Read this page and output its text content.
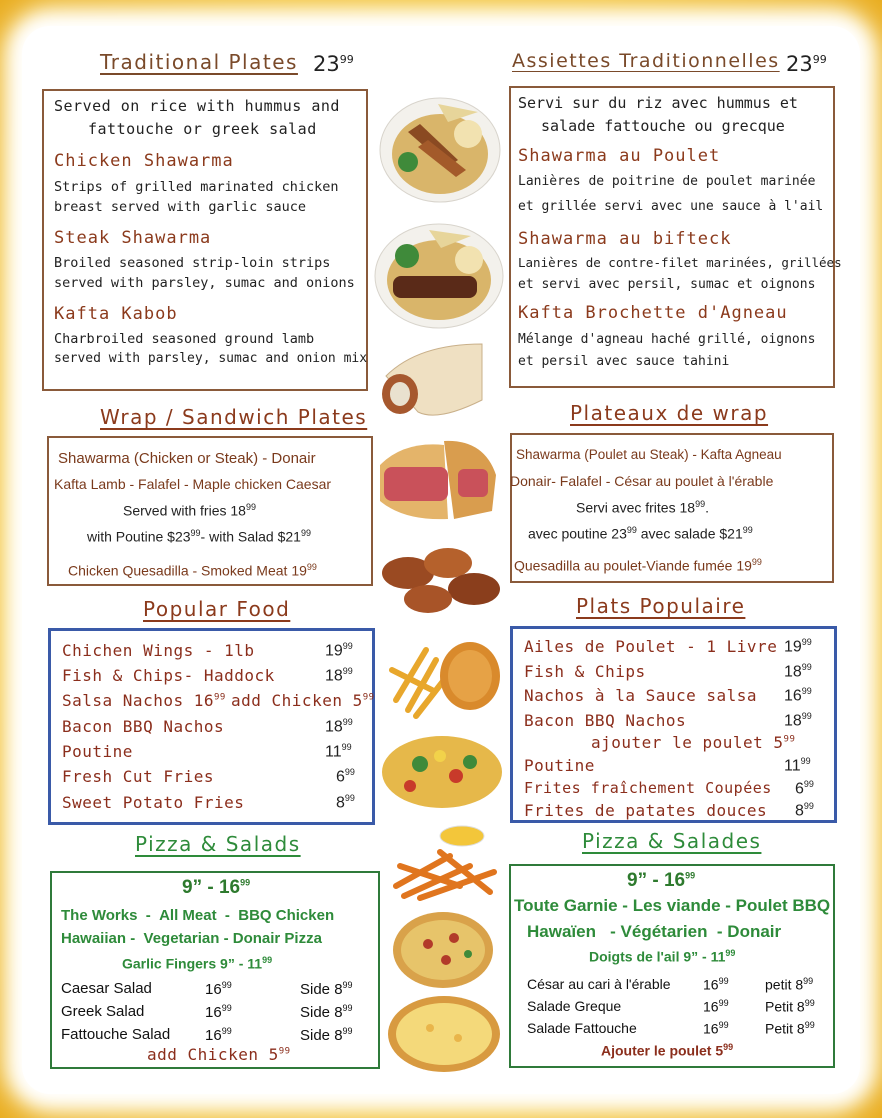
Traditional Plates $23^{99}$
Served on rice with hummus and
fattouche or greek salad
Chicken Shawarma
Strips of grilled marinated chicken
breast served with garlic sauce
Steak Shawarma
Broiled seasoned strip-loin strips
served with parsley, sumac and onions
Kafta Kabob
Charbroiled seasoned ground lamb
served with parsley, sumac and onion mix
Wrap / Sandwich Plates
Shawarma (Chicken or Steak) - Donair
Kafta Lamb - Falafel - Maple chicken Caesar
Served with fries $18^{99}$
with Poutine $\$23^{99}-$ with Salad $\$21^{99}$
Chicken Quesadilla - Smoked Meat $19^{99}$
Popular Food
Chichen Wings - 1lb	$19^{99}$
Fish & Chips- Haddock	$18^{99}$
Salsa Nachos $16^{99}$ add Chicken $5^{99}$
Bacon BBQ Nachos	$18^{99}$
Poutine	$11^{99}$
Fresh Cut Fries	$6^{99}$
Sweet Potato Fries	$8^{99}$
Pizza & Salads
9” - $16^{99}$
The Works  -  All Meat  -  BBQ Chicken
Hawaiian - Vegetarian - Donair Pizza
Garlic Fingers 9” - $11^{99}$
Caesar Salad	$16^{99}$	Side $8^{99}$
Greek Salad	$16^{99}$	Side $8^{99}$
Fattouche Salad $16^{99}$	Side $8^{99}$
add Chicken $5^{99}$
Assiettes Traditionnelles $23^{99}$
Servi sur du riz avec hummus et
salade fattouche ou grecque
Shawarma au Poulet
Lanières de poitrine de poulet marinée
et grillée servi avec une sauce à l'ail
Shawarma au bifteck
Lanières de contre-filet marinées, grillées
et servi avec persil, sumac et oignons
Kafta Brochette d'Agneau
Mélange d'agneau haché grillé, oignons
et persil avec sauce tahini
Plateaux de wrap
Shawarma (Poulet au Steak) - Kafta Agneau
Donair- Falafel - César au poulet à l'érable
Servi avec frites $18^{99}$.
avec poutine $23^{99}$ avec salade $\$21^{99}$
Quesadilla au poulet-Viande fumée $19^{99}$
Plats Populaire
Ailes de Poulet - 1 Livre $19^{99}$
Fish & Chips	$18^{99}$
Nachos à la Sauce salsa $16^{99}$
Bacon BBQ Nachos	$18^{99}$
ajouter le poulet $5^{99}$
Poutine	$11^{99}$
Frites fraîchement Coupées $6^{99}$
Frites de patates douces $8^{99}$
Pizza & Salades
9” - $16^{99}$
Toute Garnie - Les viande - Poulet BBQ
Hawaïen - Végétarien - Donair
Doigts de l'ail 9” - $11^{99}$
César au cari à l'érable $16^{99}$	petit $8^{99}$
Salade Greque	$16^{99}$	Petit $8^{99}$
Salade Fattouche	$16^{99}$	Petit $8^{99}$
Ajouter le poulet $5^{99}$
